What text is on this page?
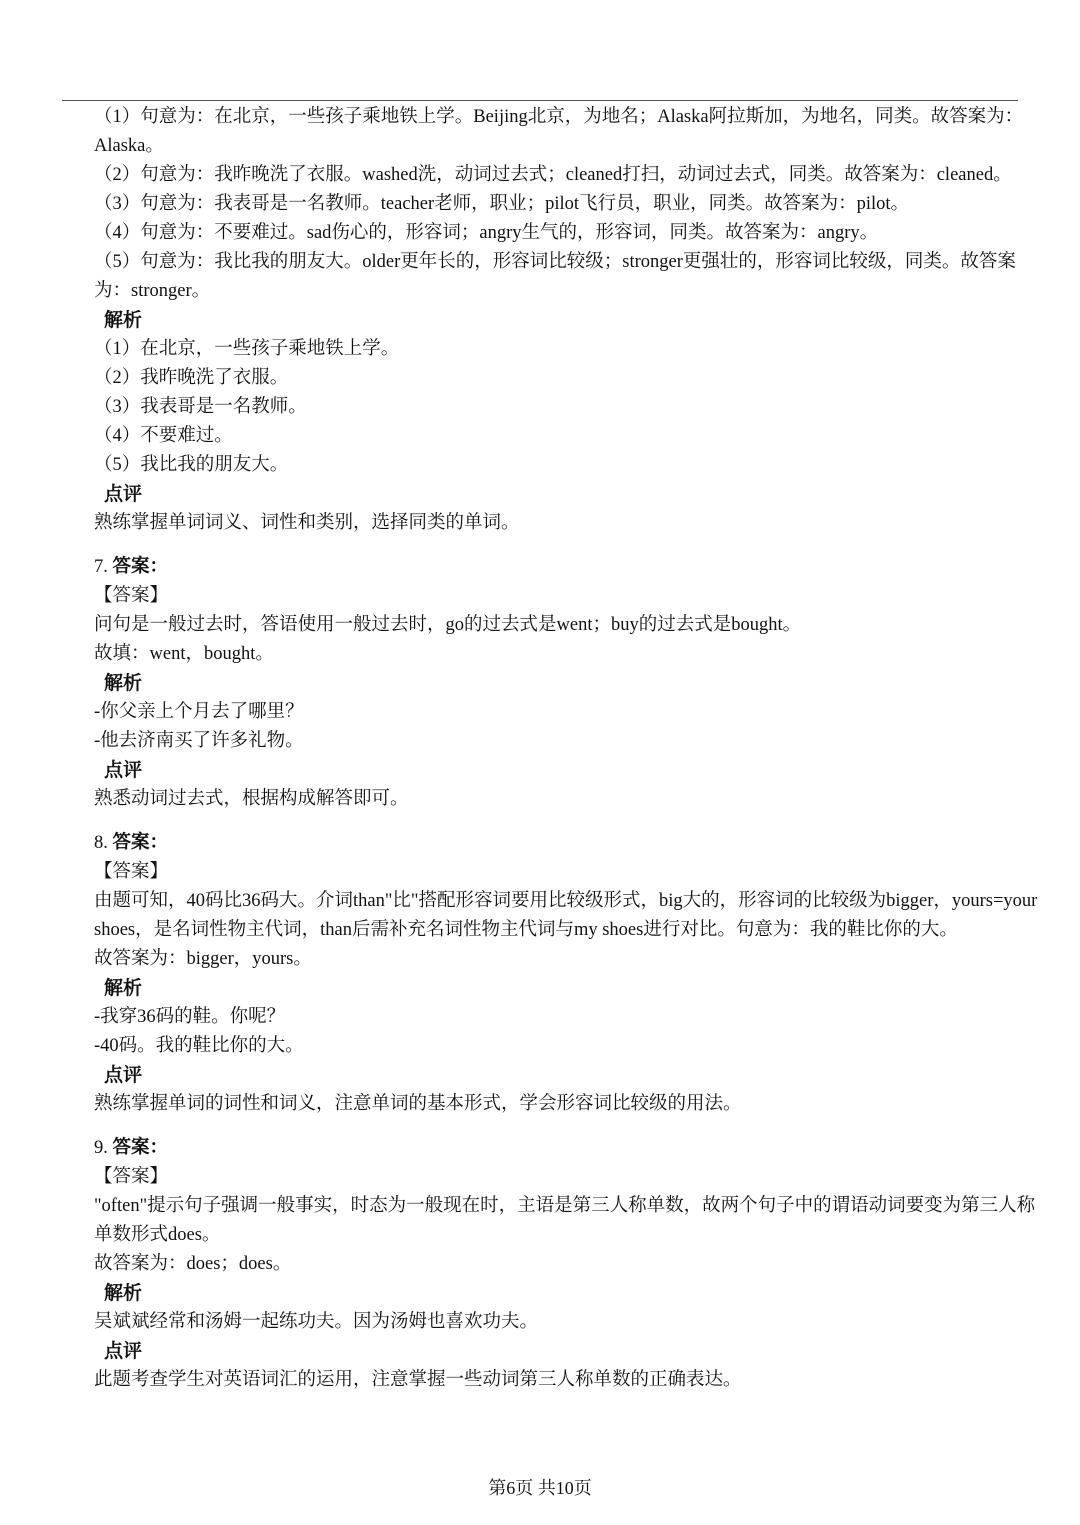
（1）句意为：在北京，一些孩子乘地铁上学。Beijing北京，为地名；Alaska阿拉斯加，为地名，同类。故答案为：Alaska。
（2）句意为：我昨晚洗了衣服。washed洗，动词过去式；cleaned打扫，动词过去式，同类。故答案为：cleaned。
（3）句意为：我表哥是一名教师。teacher老师，职业；pilot飞行员，职业，同类。故答案为：pilot。
（4）句意为：不要难过。sad伤心的，形容词；angry生气的，形容词，同类。故答案为：angry。
（5）句意为：我比我的朋友大。older更年长的，形容词比较级；stronger更强壮的，形容词比较级，同类。故答案为：stronger。
解析
（1）在北京，一些孩子乘地铁上学。
（2）我昨晚洗了衣服。
（3）我表哥是一名教师。
（4）不要难过。
（5）我比我的朋友大。
点评
熟练掌握单词词义、词性和类别，选择同类的单词。
7. 答案：
【答案】
问句是一般过去时，答语使用一般过去时，go的过去式是went；buy的过去式是bought。
故填：went，bought。
解析
-你父亲上个月去了哪里？
-他去济南买了许多礼物。
点评
熟悉动词过去式，根据构成解答即可。
8. 答案：
【答案】
由题可知，40码比36码大。介词than"比"搭配形容词要用比较级形式，big大的，形容词的比较级为bigger，yours=your shoes，是名词性物主代词，than后需补充名词性物主代词与my shoes进行对比。句意为：我的鞋比你的大。
故答案为：bigger，yours。
解析
-我穿36码的鞋。你呢？
-40码。我的鞋比你的大。
点评
熟练掌握单词的词性和词义，注意单词的基本形式，学会形容词比较级的用法。
9. 答案：
【答案】
"often"提示句子强调一般事实，时态为一般现在时，主语是第三人称单数，故两个句子中的谓语动词要变为第三人称单数形式does。
故答案为：does；does。
解析
吴斌斌经常和汤姆一起练功夫。因为汤姆也喜欢功夫。
点评
此题考查学生对英语词汇的运用，注意掌握一些动词第三人称单数的正确表达。
第6页 共10页
